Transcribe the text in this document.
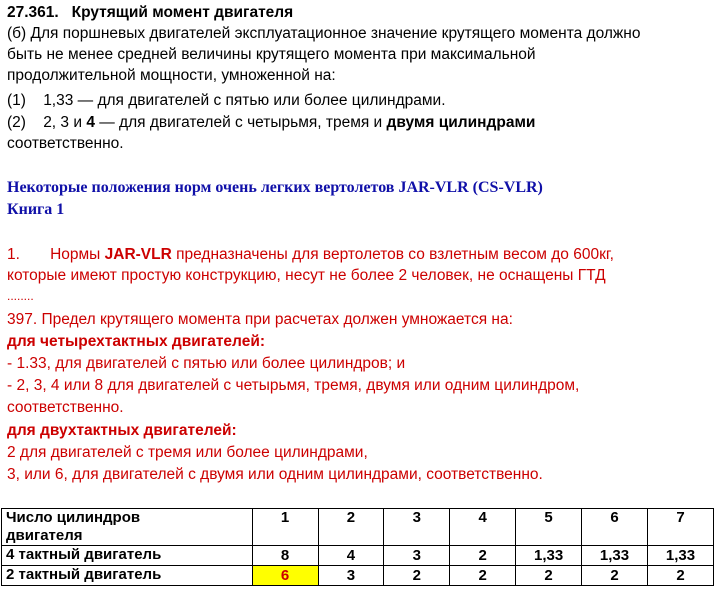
27.361. Крутящий момент двигателя
(б) Для поршневых двигателей эксплуатационное значение крутящего момента должно
быть не менее средней величины крутящего момента при максимальной
продолжительной мощности, умноженной на:
(1) 1,33 — для двигателей с пятью или более цилиндрами.
(2) 2, 3 и 4 — для двигателей с четырьмя, тремя и двумя цилиндрами
соответственно.
Некоторые положения норм очень легких вертолетов JAR-VLR (CS-VLR)
Книга 1
1. Нормы JAR-VLR предназначены для вертолетов со взлетным весом до 600кг,
которые имеют простую конструкцию, несут не более 2 человек, не оснащены ГТД
........
397. Предел крутящего момента при расчетах должен умножается на:
для четырехтактных двигателей:
- 1.33, для двигателей с пятью или более цилиндров; и
- 2, 3, 4 или 8 для двигателей с четырьмя, тремя, двумя или одним цилиндром,
соответственно.
для двухтактных двигателей:
2 для двигателей с тремя или более цилиндрами,
3, или 6, для двигателей с двумя или одним цилиндрами, соответственно.
Число цилиндров
двигателя	1	2	3	4	5	6	7
4 тактный двигатель	8	4	3	2	1,33	1,33	1,33
2 тактный двигатель	6	3	2	2	2	2	2
